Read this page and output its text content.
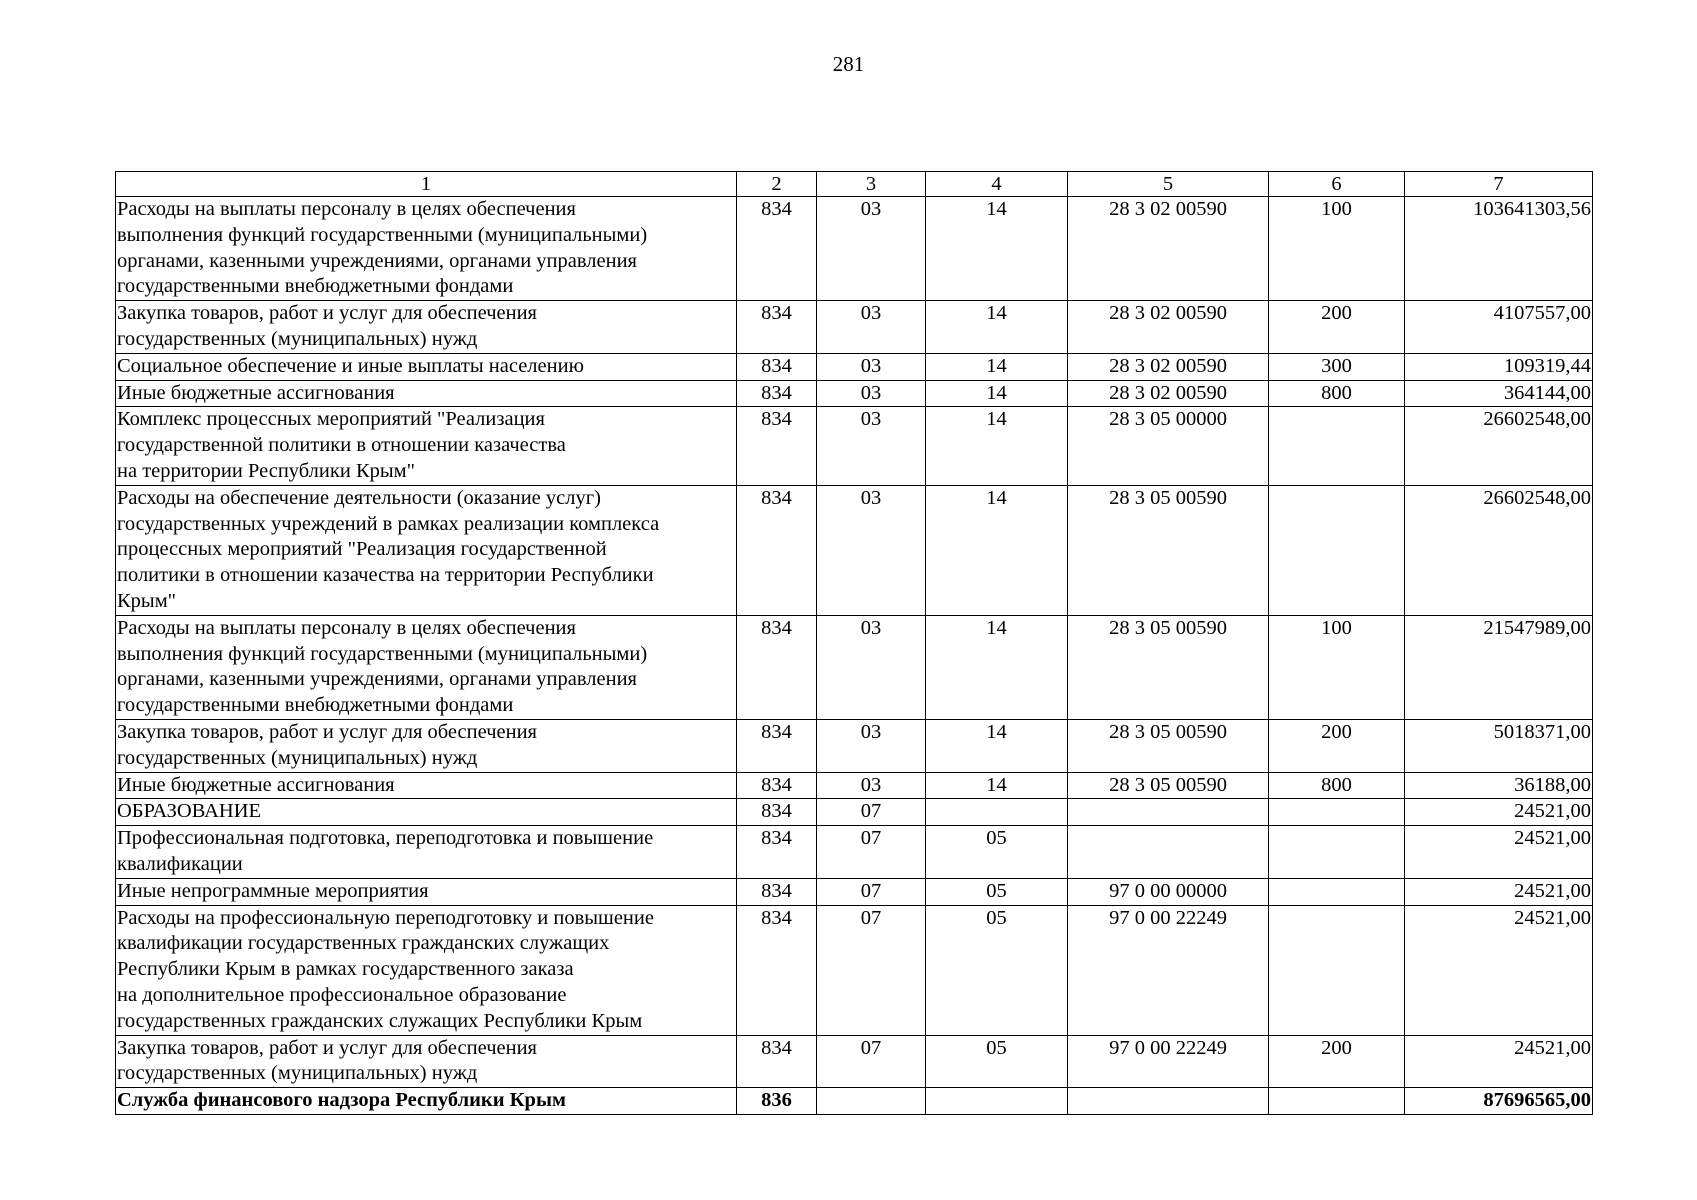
281
1	2	3	4	5	6	7
Расходы на выплаты персоналу в целях обеспечения
выполнения функций государственными (муниципальными)
органами, казенными учреждениями, органами управления
государственными внебюджетными фондами	834	03	14	28 3 02 00590	100	103641303,56
Закупка товаров, работ и услуг для обеспечения
государственных (муниципальных) нужд	834	03	14	28 3 02 00590	200	4107557,00
Социальное обеспечение и иные выплаты населению	834	03	14	28 3 02 00590	300	109319,44
Иные бюджетные ассигнования	834	03	14	28 3 02 00590	800	364144,00
Комплекс процессных мероприятий "Реализация
государственной политики в отношении казачества
на территории Республики Крым"	834	03	14	28 3 05 00000		26602548,00
Расходы на обеспечение деятельности (оказание услуг)
государственных учреждений в рамках реализации комплекса
процессных мероприятий "Реализация государственной
политики в отношении казачества на территории Республики
Крым"	834	03	14	28 3 05 00590		26602548,00
Расходы на выплаты персоналу в целях обеспечения
выполнения функций государственными (муниципальными)
органами, казенными учреждениями, органами управления
государственными внебюджетными фондами	834	03	14	28 3 05 00590	100	21547989,00
Закупка товаров, работ и услуг для обеспечения
государственных (муниципальных) нужд	834	03	14	28 3 05 00590	200	5018371,00
Иные бюджетные ассигнования	834	03	14	28 3 05 00590	800	36188,00
ОБРАЗОВАНИЕ	834	07				24521,00
Профессиональная подготовка, переподготовка и повышение
квалификации	834	07	05			24521,00
Иные непрограммные мероприятия	834	07	05	97 0 00 00000		24521,00
Расходы на профессиональную переподготовку и повышение
квалификации государственных гражданских служащих
Республики Крым в рамках государственного заказа
на дополнительное профессиональное образование
государственных гражданских служащих Республики Крым	834	07	05	97 0 00 22249		24521,00
Закупка товаров, работ и услуг для обеспечения
государственных (муниципальных) нужд	834	07	05	97 0 00 22249	200	24521,00
Служба финансового надзора Республики Крым	836					87696565,00
